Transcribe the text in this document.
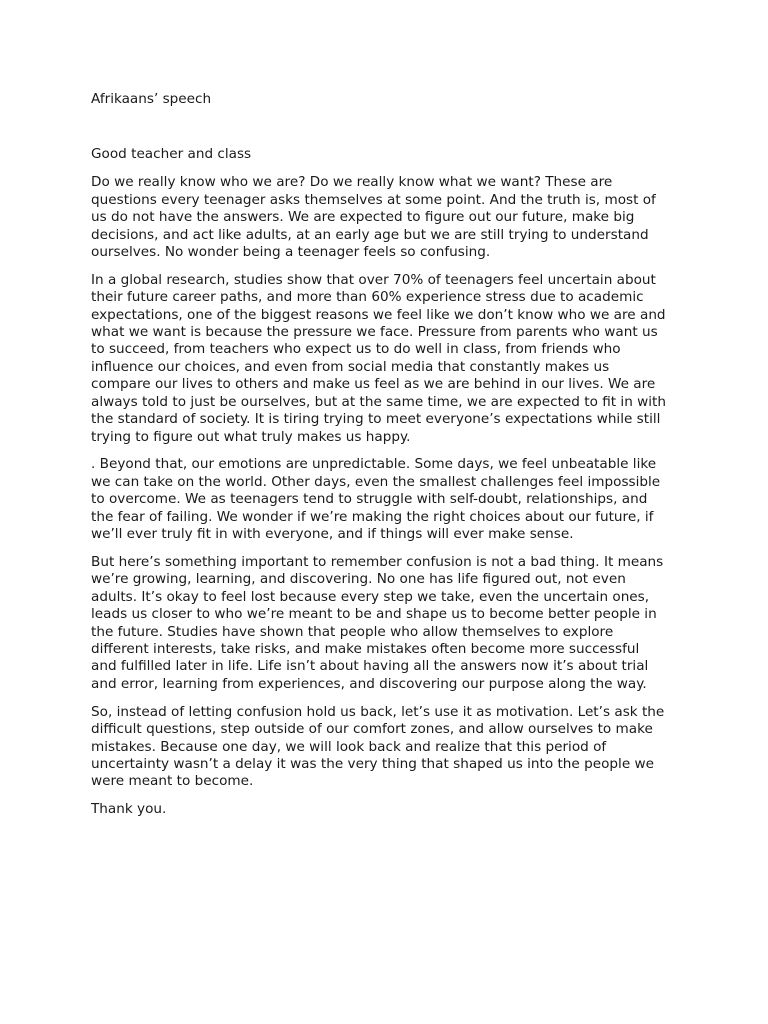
Afrikaans’ speech

Good teacher and class

Do we really know who we are? Do we really know what we want? These are
questions every teenager asks themselves at some point. And the truth is, most of
us do not have the answers. We are expected to figure out our future, make big
decisions, and act like adults, at an early age but we are still trying to understand
ourselves. No wonder being a teenager feels so confusing.

In a global research, studies show that over 70% of teenagers feel uncertain about
their future career paths, and more than 60% experience stress due to academic
expectations, one of the biggest reasons we feel like we don’t know who we are and
what we want is because the pressure we face. Pressure from parents who want us
to succeed, from teachers who expect us to do well in class, from friends who
influence our choices, and even from social media that constantly makes us
compare our lives to others and make us feel as we are behind in our lives. We are
always told to just be ourselves, but at the same time, we are expected to fit in with
the standard of society. It is tiring trying to meet everyone’s expectations while still
trying to figure out what truly makes us happy.

. Beyond that, our emotions are unpredictable. Some days, we feel unbeatable like
we can take on the world. Other days, even the smallest challenges feel impossible
to overcome. We as teenagers tend to struggle with self-doubt, relationships, and
the fear of failing. We wonder if we’re making the right choices about our future, if
we’ll ever truly fit in with everyone, and if things will ever make sense.

But here’s something important to remember confusion is not a bad thing. It means
we’re growing, learning, and discovering. No one has life figured out, not even
adults. It’s okay to feel lost because every step we take, even the uncertain ones,
leads us closer to who we’re meant to be and shape us to become better people in
the future. Studies have shown that people who allow themselves to explore
different interests, take risks, and make mistakes often become more successful
and fulfilled later in life. Life isn’t about having all the answers now it’s about trial
and error, learning from experiences, and discovering our purpose along the way.

So, instead of letting confusion hold us back, let’s use it as motivation. Let’s ask the
difficult questions, step outside of our comfort zones, and allow ourselves to make
mistakes. Because one day, we will look back and realize that this period of
uncertainty wasn’t a delay it was the very thing that shaped us into the people we
were meant to become.

Thank you.
